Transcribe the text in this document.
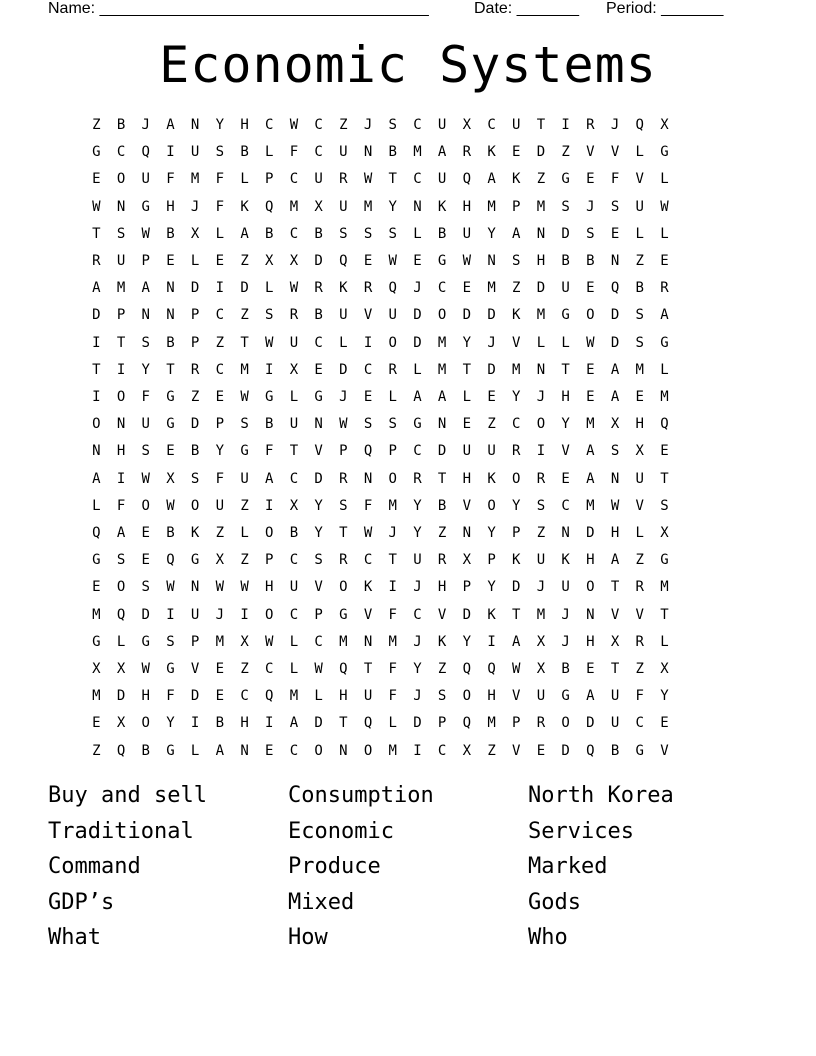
Name: _____________________________________	Date: _______ Period: _______
Economic Systems
Z	B	J	A	N	Y	H	C	W	C	Z	J	S	C	U	X	C	U	T	I	R	J	Q	X
G	C	Q	I	U	S	B	L	F	C	U	N	B	M	A	R	K	E	D	Z	V	V	L	G
E	O	U	F	M	F	L	P	C	U	R	W	T	C	U	Q	A	K	Z	G	E	F	V	L
W	N	G	H	J	F	K	Q	M	X	U	M	Y	N	K	H	M	P	M	S	J	S	U	W
T	S	W	B	X	L	A	B	C	B	S	S	S	L	B	U	Y	A	N	D	S	E	L	L
R	U	P	E	L	E	Z	X	X	D	Q	E	W	E	G	W	N	S	H	B	B	N	Z	E
A	M	A	N	D	I	D	L	W	R	K	R	Q	J	C	E	M	Z	D	U	E	Q	B	R
D	P	N	N	P	C	Z	S	R	B	U	V	U	D	O	D	D	K	M	G	O	D	S	A
I	T	S	B	P	Z	T	W	U	C	L	I	O	D	M	Y	J	V	L	L	W	D	S	G
T	I	Y	T	R	C	M	I	X	E	D	C	R	L	M	T	D	M	N	T	E	A	M	L
I	O	F	G	Z	E	W	G	L	G	J	E	L	A	A	L	E	Y	J	H	E	A	E	M
O	N	U	G	D	P	S	B	U	N	W	S	S	G	N	E	Z	C	O	Y	M	X	H	Q
N	H	S	E	B	Y	G	F	T	V	P	Q	P	C	D	U	U	R	I	V	A	S	X	E
A	I	W	X	S	F	U	A	C	D	R	N	O	R	T	H	K	O	R	E	A	N	U	T
L	F	O	W	O	U	Z	I	X	Y	S	F	M	Y	B	V	O	Y	S	C	M	W	V	S
Q	A	E	B	K	Z	L	O	B	Y	T	W	J	Y	Z	N	Y	P	Z	N	D	H	L	X
G	S	E	Q	G	X	Z	P	C	S	R	C	T	U	R	X	P	K	U	K	H	A	Z	G
E	O	S	W	N	W	W	H	U	V	O	K	I	J	H	P	Y	D	J	U	O	T	R	M
M	Q	D	I	U	J	I	O	C	P	G	V	F	C	V	D	K	T	M	J	N	V	V	T
G	L	G	S	P	M	X	W	L	C	M	N	M	J	K	Y	I	A	X	J	H	X	R	L
X	X	W	G	V	E	Z	C	L	W	Q	T	F	Y	Z	Q	Q	W	X	B	E	T	Z	X
M	D	H	F	D	E	C	Q	M	L	H	U	F	J	S	O	H	V	U	G	A	U	F	Y
E	X	O	Y	I	B	H	I	A	D	T	Q	L	D	P	Q	M	P	R	O	D	U	C	E
Z	Q	B	G	L	A	N	E	C	O	N	O	M	I	C	X	Z	V	E	D	Q	B	G	V
Buy and sell	Consumption	North Korea
Traditional	Economic	Services
Command	Produce	Marked
GDP’s	Mixed	Gods
What	How	Who
